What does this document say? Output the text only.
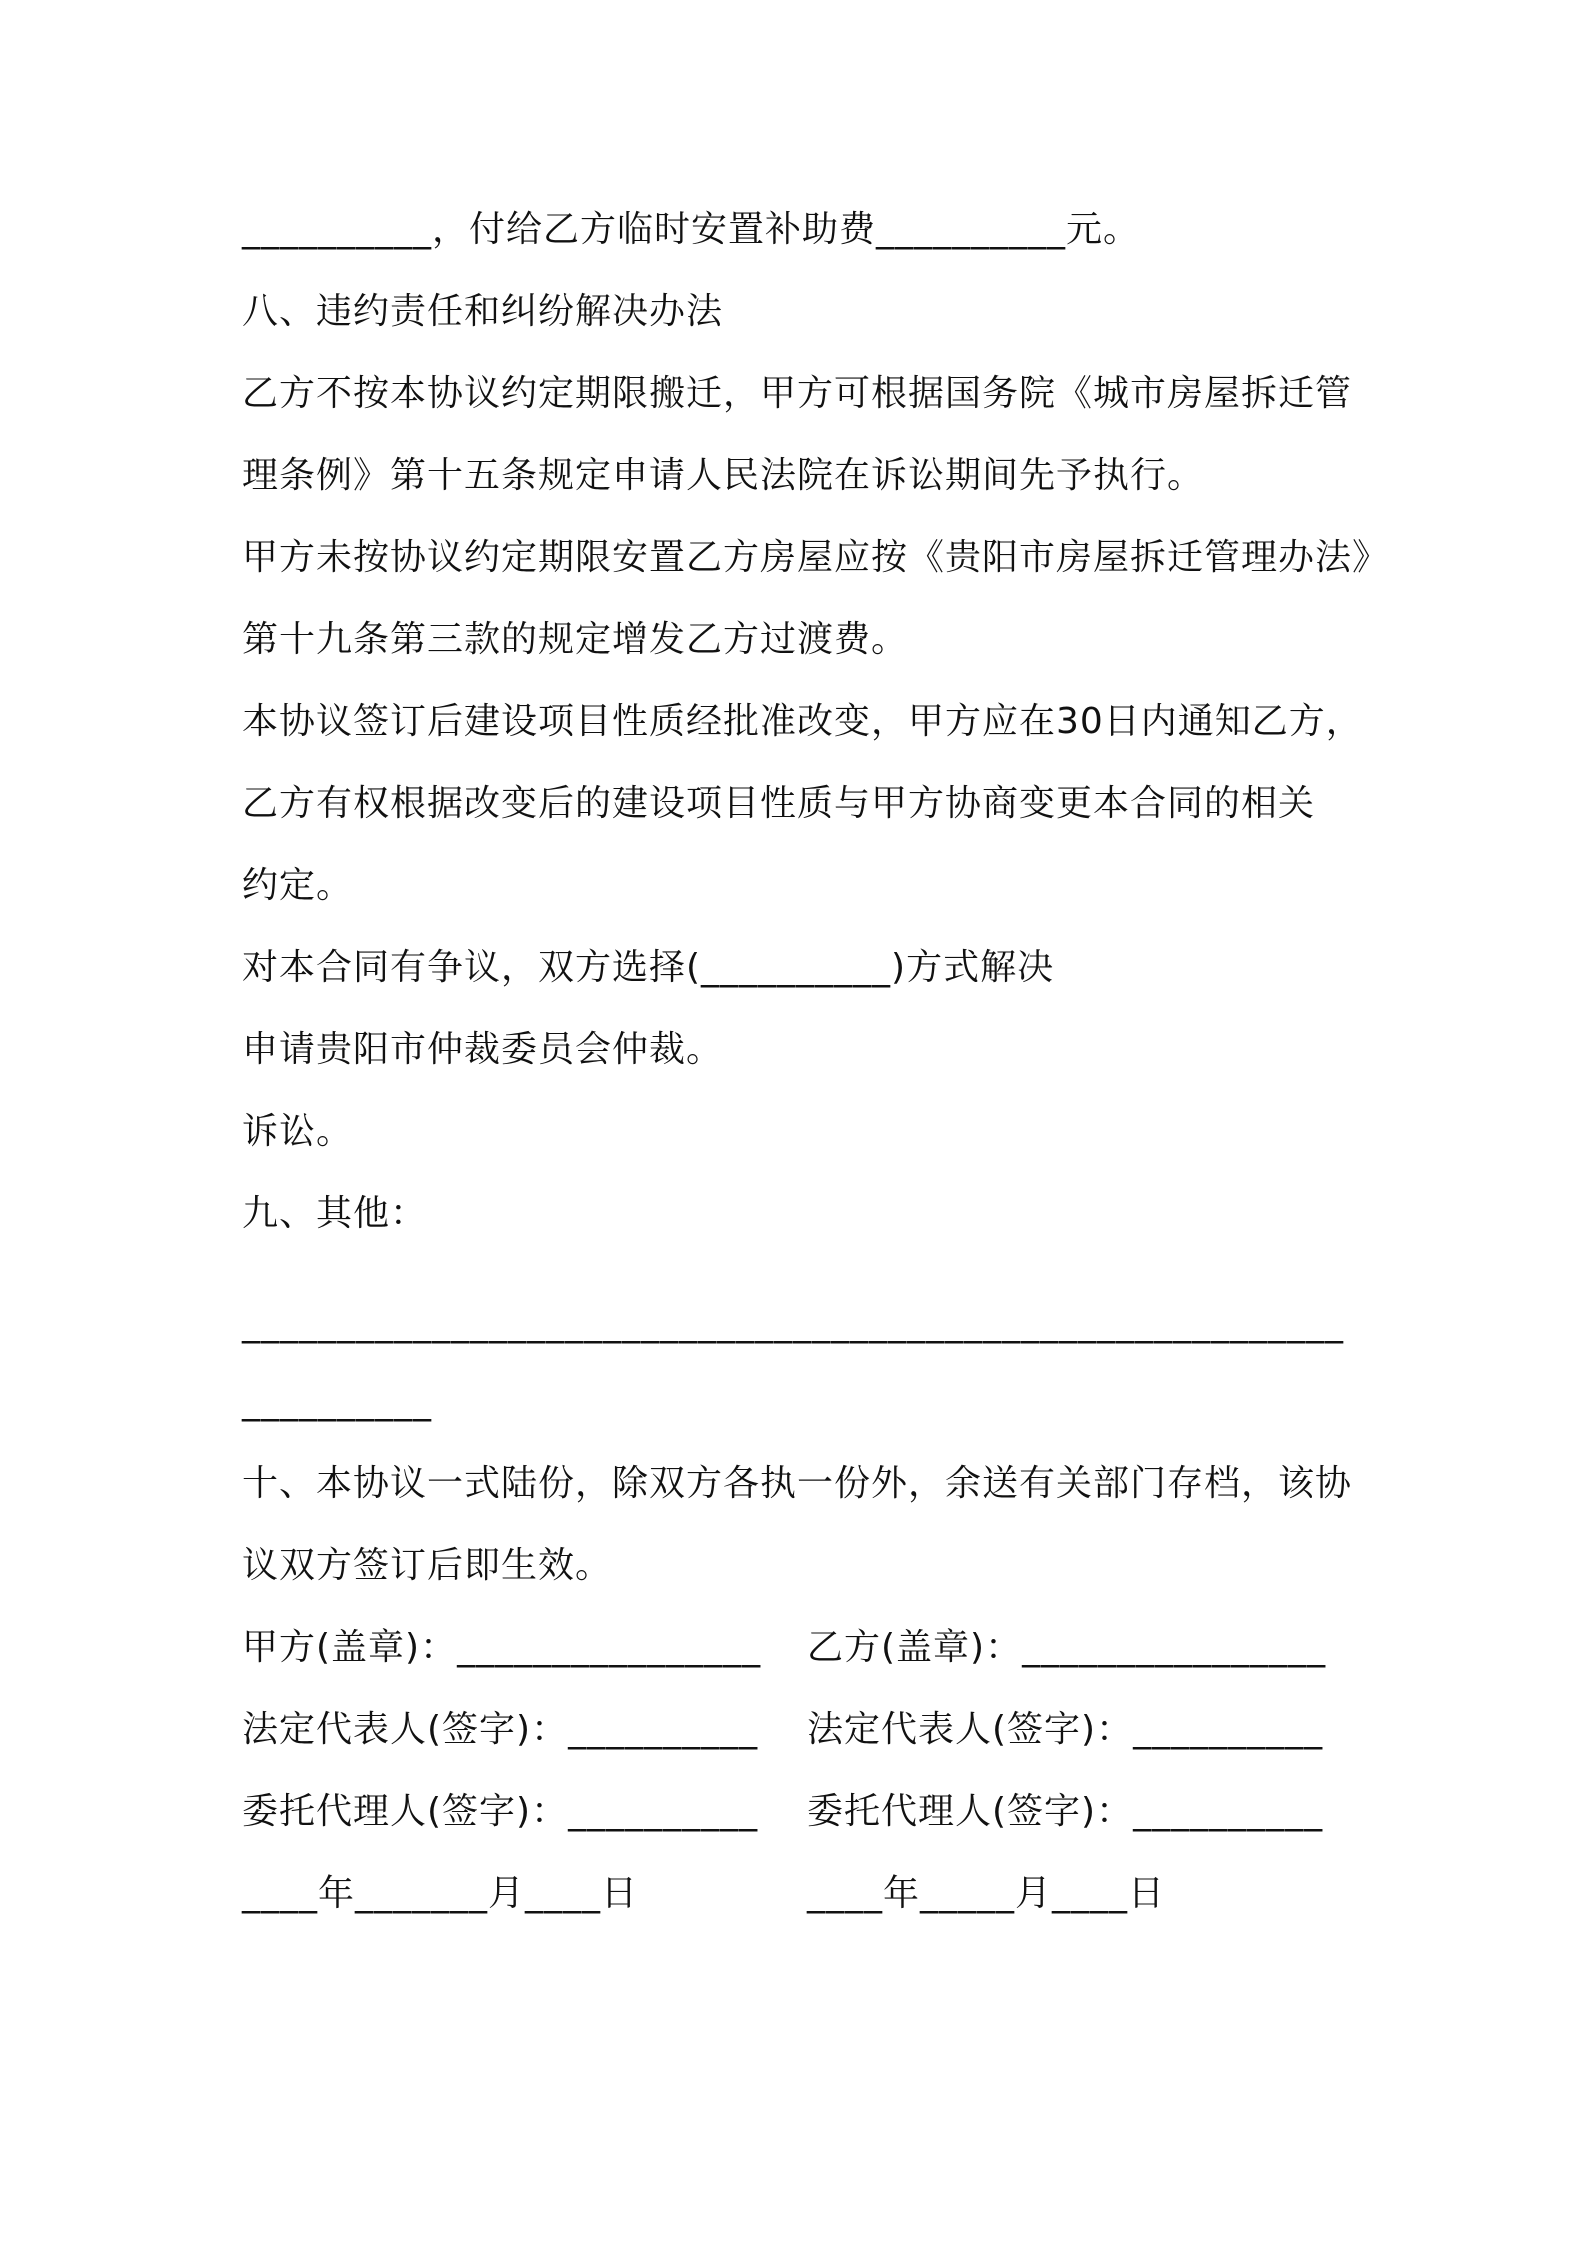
__________，付给乙方临时安置补助费__________元。
八、违约责任和纠纷解决办法
乙方不按本协议约定期限搬迁，甲方可根据国务院《城市房屋拆迁管
理条例》第十五条规定申请人民法院在诉讼期间先予执行。
甲方未按协议约定期限安置乙方房屋应按《贵阳市房屋拆迁管理办法》
第十九条第三款的规定增发乙方过渡费。
本协议签订后建设项目性质经批准改变，甲方应在30日内通知乙方，
乙方有权根据改变后的建设项目性质与甲方协商变更本合同的相关
约定。
对本合同有争议，双方选择(__________)方式解决
申请贵阳市仲裁委员会仲裁。
诉讼。
九、其他：
__________________________________________________________
__________
十、本协议一式陆份，除双方各执一份外，余送有关部门存档，该协
议双方签订后即生效。
甲方(盖章)：________________ 乙方(盖章)：________________
法定代表人(签字)：__________ 法定代表人(签字)：__________
委托代理人(签字)：__________ 委托代理人(签字)：__________
____年_______月____日	____年_____月____日
